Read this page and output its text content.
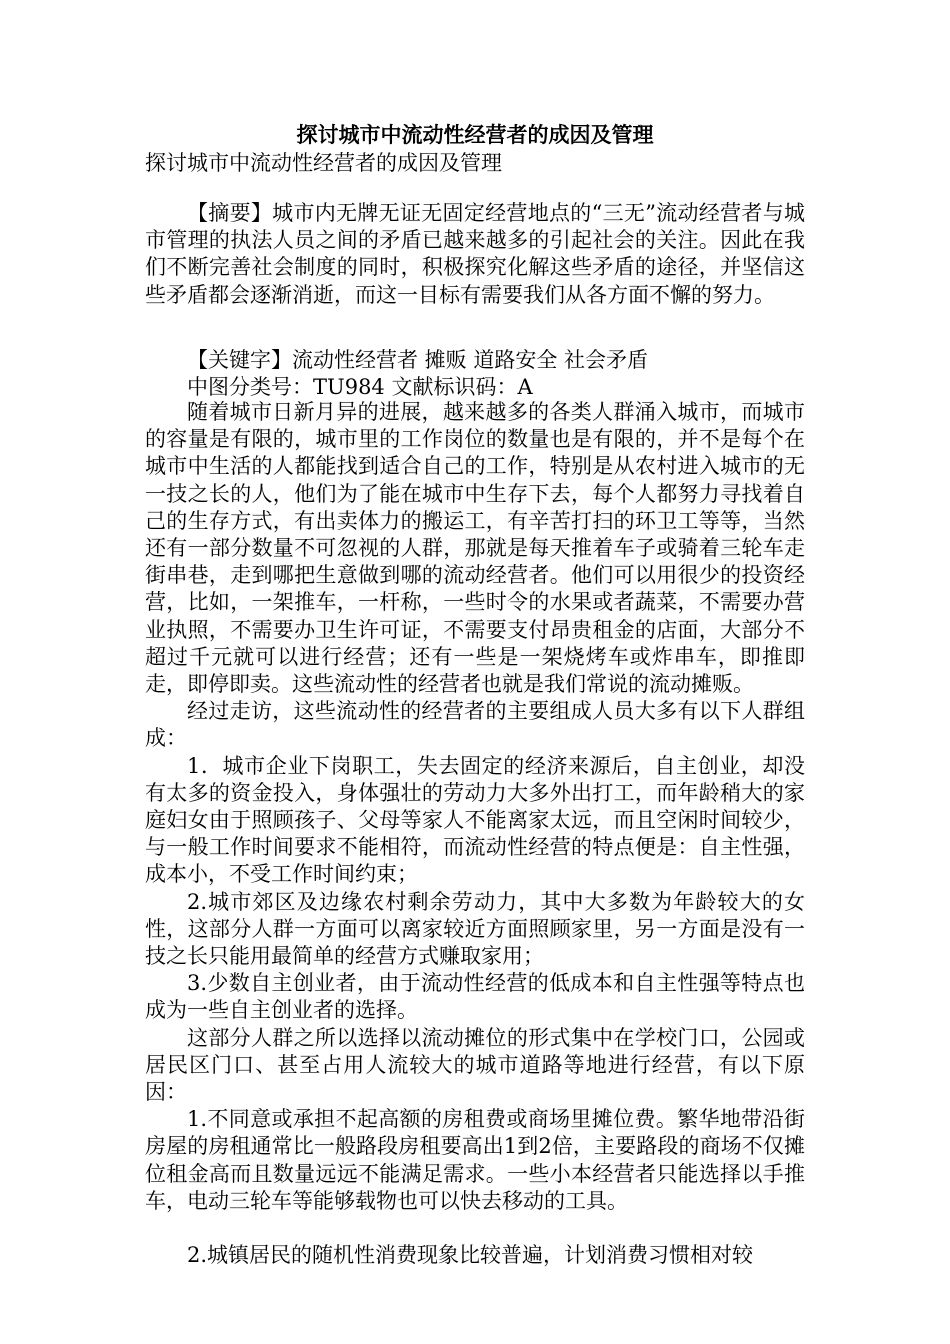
探讨城市中流动性经营者的成因及管理
探讨城市中流动性经营者的成因及管理

【摘要】城市内无牌无证无固定经营地点的“三无”流动经营者与城市管理的执法人员之间的矛盾已越来越多的引起社会的关注。因此在我们不断完善社会制度的同时，积极探究化解这些矛盾的途径，并坚信这些矛盾都会逐渐消逝，而这一目标有需要我们从各方面不懈的努力。

【关键字】流动性经营者 摊贩 道路安全 社会矛盾

中图分类号：TU984 文献标识码：A

随着城市日新月异的进展，越来越多的各类人群涌入城市，而城市的容量是有限的，城市里的工作岗位的数量也是有限的，并不是每个在城市中生活的人都能找到适合自己的工作，特别是从农村进入城市的无一技之长的人，他们为了能在城市中生存下去，每个人都努力寻找着自己的生存方式，有出卖体力的搬运工，有辛苦打扫的环卫工等等，当然还有一部分数量不可忽视的人群，那就是每天推着车子或骑着三轮车走街串巷，走到哪把生意做到哪的流动经营者。他们可以用很少的投资经营，比如，一架推车，一杆称，一些时令的水果或者蔬菜，不需要办营业执照，不需要办卫生许可证，不需要支付昂贵租金的店面，大部分不超过千元就可以进行经营；还有一些是一架烧烤车或炸串车，即推即走，即停即卖。这些流动性的经营者也就是我们常说的流动摊贩。

经过走访，这些流动性的经营者的主要组成人员大多有以下人群组成：

1．城市企业下岗职工，失去固定的经济来源后，自主创业，却没有太多的资金投入，身体强壮的劳动力大多外出打工，而年龄稍大的家庭妇女由于照顾孩子、父母等家人不能离家太远，而且空闲时间较少，与一般工作时间要求不能相符，而流动性经营的特点便是：自主性强，成本小，不受工作时间约束；

2.城市郊区及边缘农村剩余劳动力，其中大多数为年龄较大的女性，这部分人群一方面可以离家较近方面照顾家里，另一方面是没有一技之长只能用最简单的经营方式赚取家用；

3.少数自主创业者，由于流动性经营的低成本和自主性强等特点也成为一些自主创业者的选择。

这部分人群之所以选择以流动摊位的形式集中在学校门口，公园或居民区门口、甚至占用人流较大的城市道路等地进行经营，有以下原因：

1.不同意或承担不起高额的房租费或商场里摊位费。繁华地带沿街房屋的房租通常比一般路段房租要高出1到2倍，主要路段的商场不仅摊位租金高而且数量远远不能满足需求。一些小本经营者只能选择以手推车，电动三轮车等能够载物也可以快去移动的工具。

2.城镇居民的随机性消费现象比较普遍，计划消费习惯相对较
